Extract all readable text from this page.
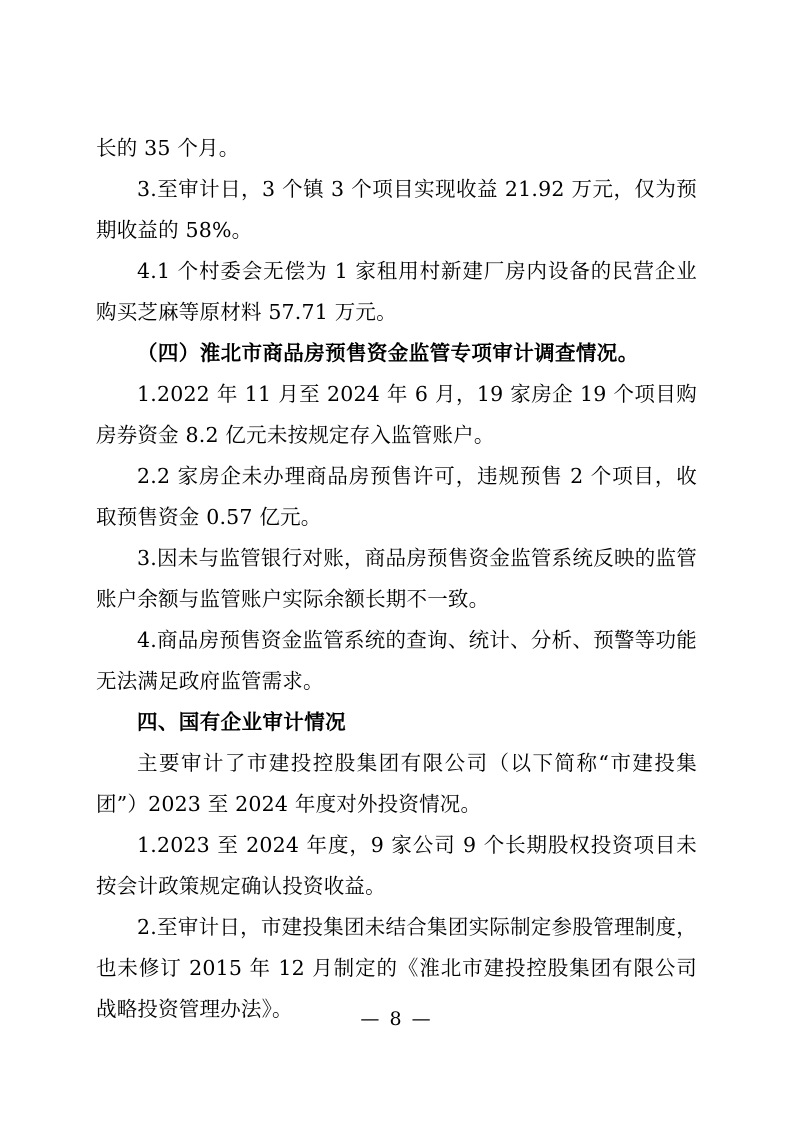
长的 35 个月。

3.至审计日，3 个镇 3 个项目实现收益 21.92 万元，仅为预期收益的 58%。

4.1 个村委会无偿为 1 家租用村新建厂房内设备的民营企业购买芝麻等原材料 57.71 万元。

（四）淮北市商品房预售资金监管专项审计调查情况。

1.2022 年 11 月至 2024 年 6 月，19 家房企 19 个项目购房券资金 8.2 亿元未按规定存入监管账户。

2.2 家房企未办理商品房预售许可，违规预售 2 个项目，收取预售资金 0.57 亿元。

3.因未与监管银行对账，商品房预售资金监管系统反映的监管账户余额与监管账户实际余额长期不一致。

4.商品房预售资金监管系统的查询、统计、分析、预警等功能无法满足政府监管需求。

四、国有企业审计情况

主要审计了市建投控股集团有限公司（以下简称“市建投集团”）2023 至 2024 年度对外投资情况。

1.2023 至 2024 年度，9 家公司 9 个长期股权投资项目未按会计政策规定确认投资收益。

2.至审计日，市建投集团未结合集团实际制定参股管理制度，也未修订 2015 年 12 月制定的《淮北市建投控股集团有限公司战略投资管理办法》。	— 8 —
